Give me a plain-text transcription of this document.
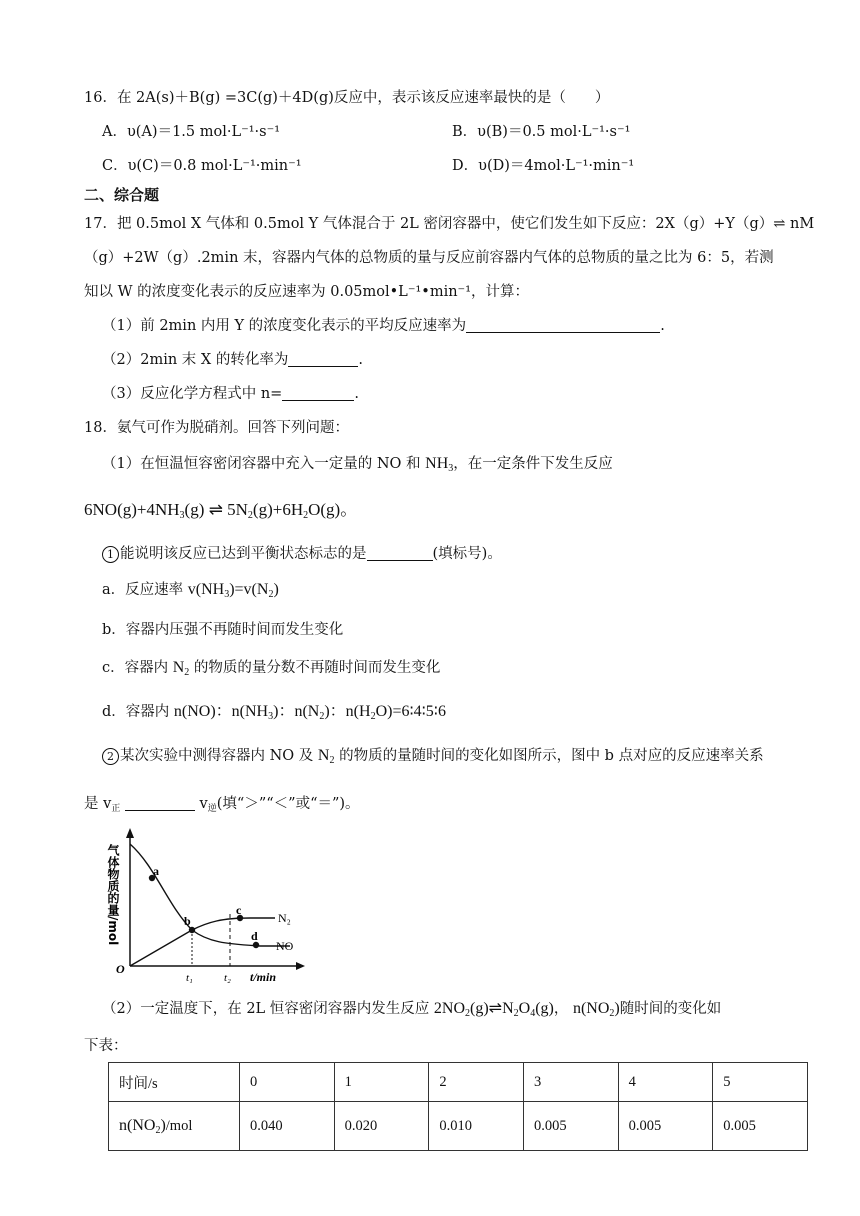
16．在 2A(s)＋B(g) =3C(g)＋4D(g)反应中，表示该反应速率最快的是（　　）
A．υ(A)＝1.5 mol·L⁻¹·s⁻¹	B．υ(B)＝0.5 mol·L⁻¹·s⁻¹
C．υ(C)＝0.8 mol·L⁻¹·min⁻¹	D．υ(D)＝4mol·L⁻¹·min⁻¹
二、综合题
17．把 0.5mol X 气体和 0.5mol Y 气体混合于 2L 密闭容器中，使它们发生如下反应：2X（g）+Y（g）⇌ nM
（g）+2W（g）.2min 末，容器内气体的总物质的量与反应前容器内气体的总物质的量之比为 6：5，若测
知以 W 的浓度变化表示的反应速率为 0.05mol•L⁻¹•min⁻¹，计算：
（1）前 2min 内用 Y 的浓度变化表示的平均反应速率为	.
（2）2min 末 X 的转化率为	.
（3）反应化学方程式中 n=	.
18．氨气可作为脱硝剂。回答下列问题：
（1）在恒温恒容密闭容器中充入一定量的 NO 和 $NH_3$，在一定条件下发生反应
$6NO(g)+4NH_3(g)$ ⇌ $5N_2(g)+6H_2O(g)$。
1 能说明该反应已达到平衡状态标志的是	(填标号)。
a．反应速率 $v(NH_3)=v(N_2)$
b．容器内压强不再随时间而发生变化
c．容器内 $N_2$ 的物质的量分数不再随时间而发生变化
d．容器内 n(NO)：$n(NH_3)$：$n(N_2)$：$n(H_2O)=6∶4∶5∶6$
2 某次实验中测得容器内 NO 及 $N_2$ 的物质的量随时间的变化如图所示，图中 b 点对应的反应速率关系
是 $v_正$	$v_逆$(填“＞”“＜”或“＝”)。
气体物质的量/mol	a
b
c
d
N₂
NO
O
t₁	t₂ t/min
（2）一定温度下，在 2L 恒容密闭容器内发生反应 $2NO_2(g)\rightleftharpoons N_2O_4(g)$， $n(NO_2)$随时间的变化如
下表：
时间/s	0	1	2	3	4	5
$n(NO_2)$/mol	0.040	0.020	0.010	0.005	0.005	0.005
